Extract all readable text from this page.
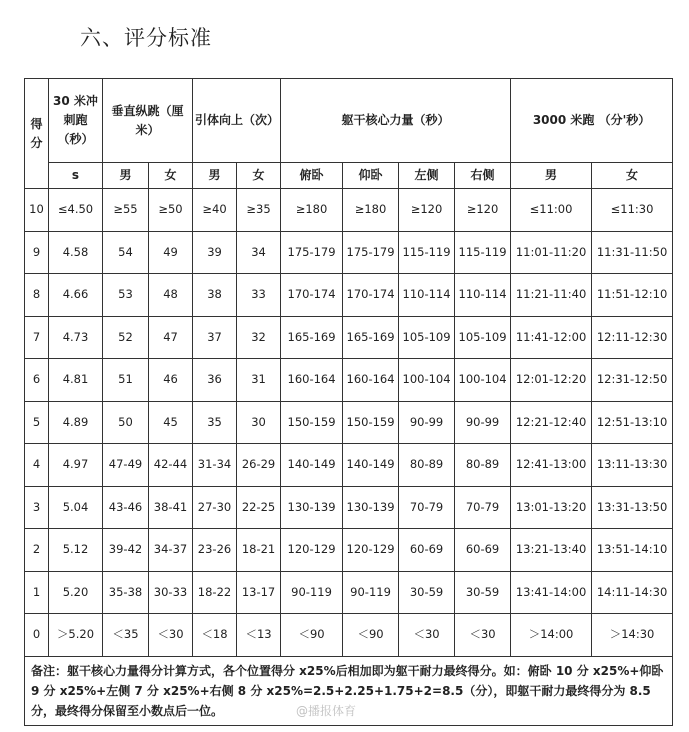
六、评分标准
得分	30 米冲刺跑（秒）	垂直纵跳（厘米）		引体向上（次）		躯干核心力量（秒）				3000 米跑 （分'秒）	
	s	男	女	男	女	俯卧	仰卧	左侧	右侧	男	女
10	≤4.50	≥55	≥50	≥40	≥35	≥180	≥180	≥120	≥120	≤11:00	≤11:30
9	4.58	54	49	39	34	175-179	175-179	115-119	115-119	11:01-11:20	11:31-11:50
8	4.66	53	48	38	33	170-174	170-174	110-114	110-114	11:21-11:40	11:51-12:10
7	4.73	52	47	37	32	165-169	165-169	105-109	105-109	11:41-12:00	12:11-12:30
6	4.81	51	46	36	31	160-164	160-164	100-104	100-104	12:01-12:20	12:31-12:50
5	4.89	50	45	35	30	150-159	150-159	90-99	90-99	12:21-12:40	12:51-13:10
4	4.97	47-49	42-44	31-34	26-29	140-149	140-149	80-89	80-89	12:41-13:00	13:11-13:30
3	5.04	43-46	38-41	27-30	22-25	130-139	130-139	70-79	70-79	13:01-13:20	13:31-13:50
2	5.12	39-42	34-37	23-26	18-21	120-129	120-129	60-69	60-69	13:21-13:40	13:51-14:10
1	5.20	35-38	30-33	18-22	13-17	90-119	90-119	30-59	30-59	13:41-14:00	14:11-14:30
0	＞5.20	＜35	＜30	＜18	＜13	＜90	＜90	＜30	＜30	＞14:00	＞14:30
备注：躯干核心力量得分计算方式，各个位置得分 x25%后相加即为躯干耐力最终得分。如：俯卧 10 分 x25%+仰卧 9 分 x25%+左侧 7 分 x25%+右侧 8 分 x25%=2.5+2.25+1.75+2=8.5（分），即躯干耐力最终得分为 8.5 分，最终得分保留至小数点后一位。												@播报体育
